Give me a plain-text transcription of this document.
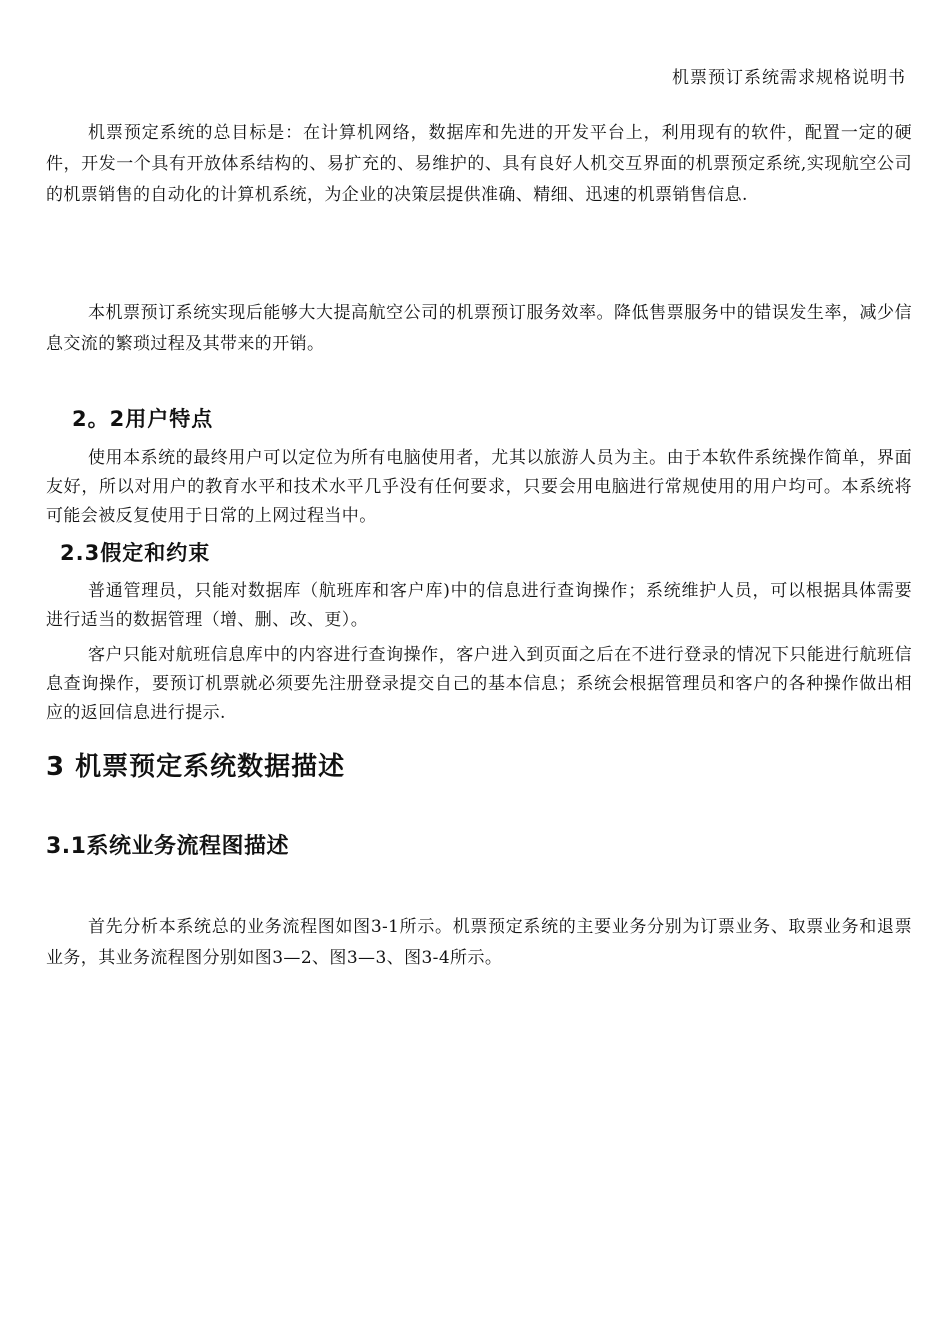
机票预订系统需求规格说明书

机票预定系统的总目标是：在计算机网络，数据库和先进的开发平台上，利用现有的软件，配置一定的硬件，开发一个具有开放体系结构的、易扩充的、易维护的、具有良好人机交互界面的机票预定系统,实现航空公司的机票销售的自动化的计算机系统，为企业的决策层提供准确、精细、迅速的机票销售信息.

本机票预订系统实现后能够大大提高航空公司的机票预订服务效率。降低售票服务中的错误发生率，减少信息交流的繁琐过程及其带来的开销。

2。2用户特点

使用本系统的最终用户可以定位为所有电脑使用者，尤其以旅游人员为主。由于本软件系统操作简单，界面友好，所以对用户的教育水平和技术水平几乎没有任何要求，只要会用电脑进行常规使用的用户均可。本系统将可能会被反复使用于日常的上网过程当中。

2.3假定和约束

普通管理员，只能对数据库（航班库和客户库)中的信息进行查询操作；系统维护人员，可以根据具体需要进行适当的数据管理（增、删、改、更）。

客户只能对航班信息库中的内容进行查询操作，客户进入到页面之后在不进行登录的情况下只能进行航班信息查询操作，要预订机票就必须要先注册登录提交自己的基本信息；系统会根据管理员和客户的各种操作做出相应的返回信息进行提示.

3 机票预定系统数据描述
3.1系统业务流程图描述

首先分析本系统总的业务流程图如图3-1所示。机票预定系统的主要业务分别为订票业务、取票业务和退票业务，其业务流程图分别如图3—2、图3—3、图3-4所示。
